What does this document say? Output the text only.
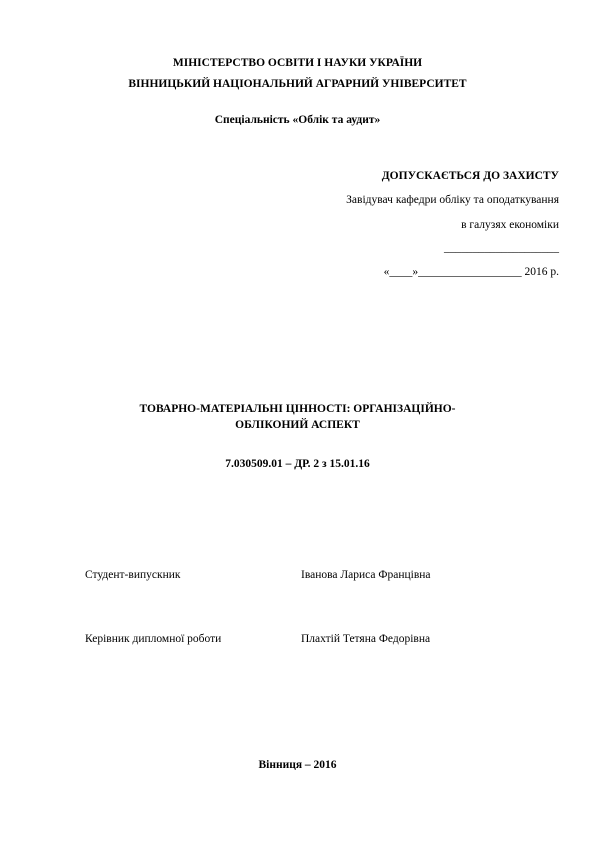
МІНІСТЕРСТВО ОСВІТИ І НАУКИ УКРАЇНИ
ВІННИЦЬКИЙ НАЦІОНАЛЬНИЙ АГРАРНИЙ УНІВЕРСИТЕТ
Спеціальність «Облік та аудит»
ДОПУСКАЄТЬСЯ ДО ЗАХИСТУ
Завідувач кафедри обліку та оподаткування
в галузях економіки
____________________
«____»__________________ 2016 р.
ТОВАРНО-МАТЕРІАЛЬНІ ЦІННОСТІ: ОРГАНІЗАЦІЙНО-
ОБЛІКОНИЙ АСПЕКТ
7.030509.01 – ДР. 2 з 15.01.16
Студент-випускник	Іванова Лариса Францівна
Керівник дипломної роботи	Плахтій Тетяна Федорівна
Вінниця – 2016
